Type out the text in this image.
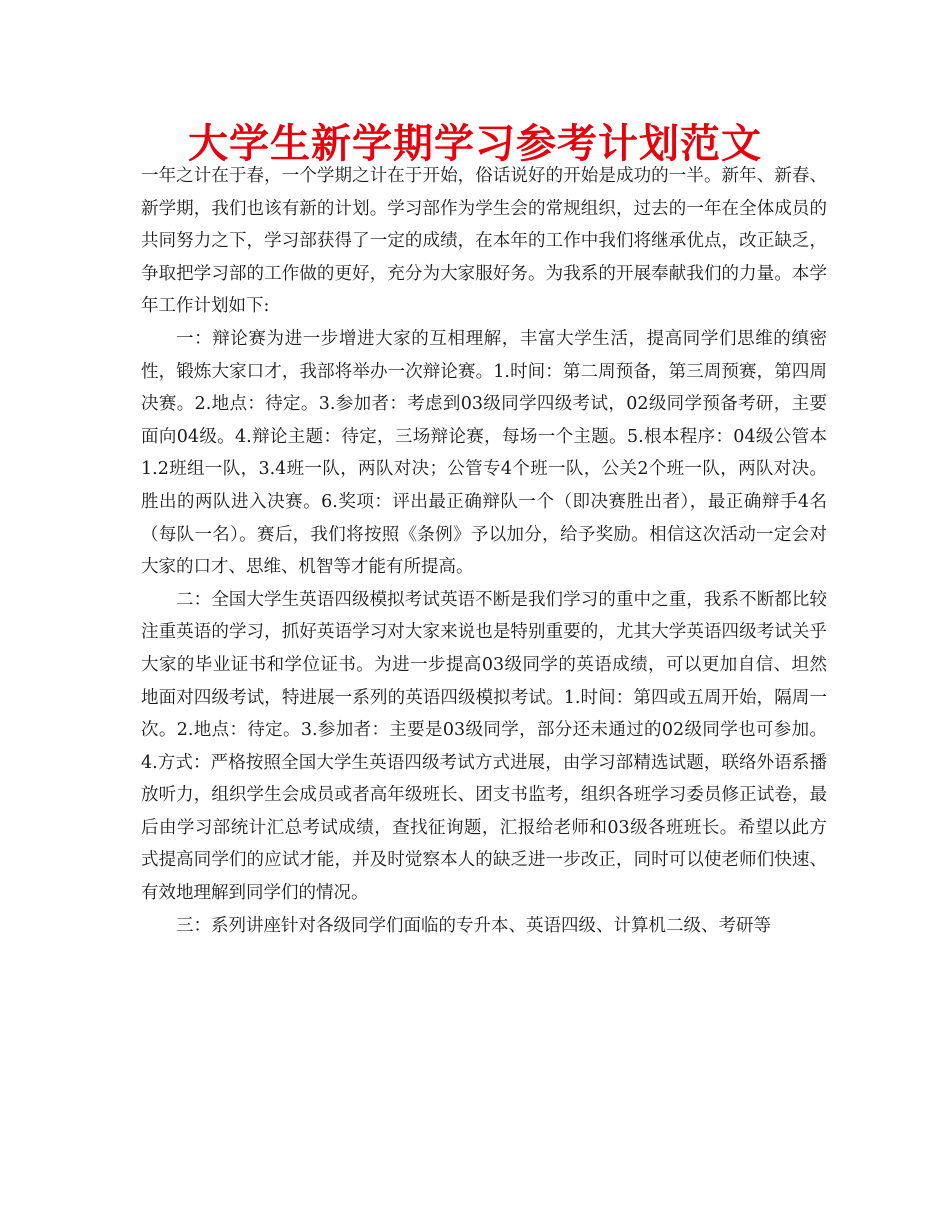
大学生新学期学习参考计划范文

一年之计在于春，一个学期之计在于开始，俗话说好的开始是成功的一半。新年、新春、新学期，我们也该有新的计划。学习部作为学生会的常规组织，过去的一年在全体成员的共同努力之下，学习部获得了一定的成绩，在本年的工作中我们将继承优点，改正缺乏，争取把学习部的工作做的更好，充分为大家服好务。为我系的开展奉献我们的力量。本学年工作计划如下:

一：辩论赛为进一步增进大家的互相理解，丰富大学生活，提高同学们思维的缜密性，锻炼大家口才，我部将举办一次辩论赛。1.时间：第二周预备，第三周预赛，第四周决赛。2.地点：待定。3.参加者：考虑到03级同学四级考试，02级同学预备考研，主要面向04级。4.辩论主题：待定，三场辩论赛，每场一个主题。5.根本程序：04级公管本1.2班组一队，3.4班一队，两队对决；公管专4个班一队，公关2个班一队，两队对决。胜出的两队进入决赛。6.奖项：评出最正确辩队一个（即决赛胜出者），最正确辩手4名（每队一名）。赛后，我们将按照《条例》予以加分，给予奖励。相信这次活动一定会对大家的口才、思维、机智等才能有所提高。

二：全国大学生英语四级模拟考试英语不断是我们学习的重中之重，我系不断都比较注重英语的学习，抓好英语学习对大家来说也是特别重要的，尤其大学英语四级考试关乎大家的毕业证书和学位证书。为进一步提高03级同学的英语成绩，可以更加自信、坦然地面对四级考试，特进展一系列的英语四级模拟考试。1.时间：第四或五周开始，隔周一次。2.地点：待定。3.参加者：主要是03级同学，部分还未通过的02级同学也可参加。4.方式：严格按照全国大学生英语四级考试方式进展，由学习部精选试题，联络外语系播放听力，组织学生会成员或者高年级班长、团支书监考，组织各班学习委员修正试卷，最后由学习部统计汇总考试成绩，查找征询题，汇报给老师和03级各班班长。希望以此方式提高同学们的应试才能，并及时觉察本人的缺乏进一步改正，同时可以使老师们快速、有效地理解到同学们的情况。

三：系列讲座针对各级同学们面临的专升本、英语四级、计算机二级、考研等
